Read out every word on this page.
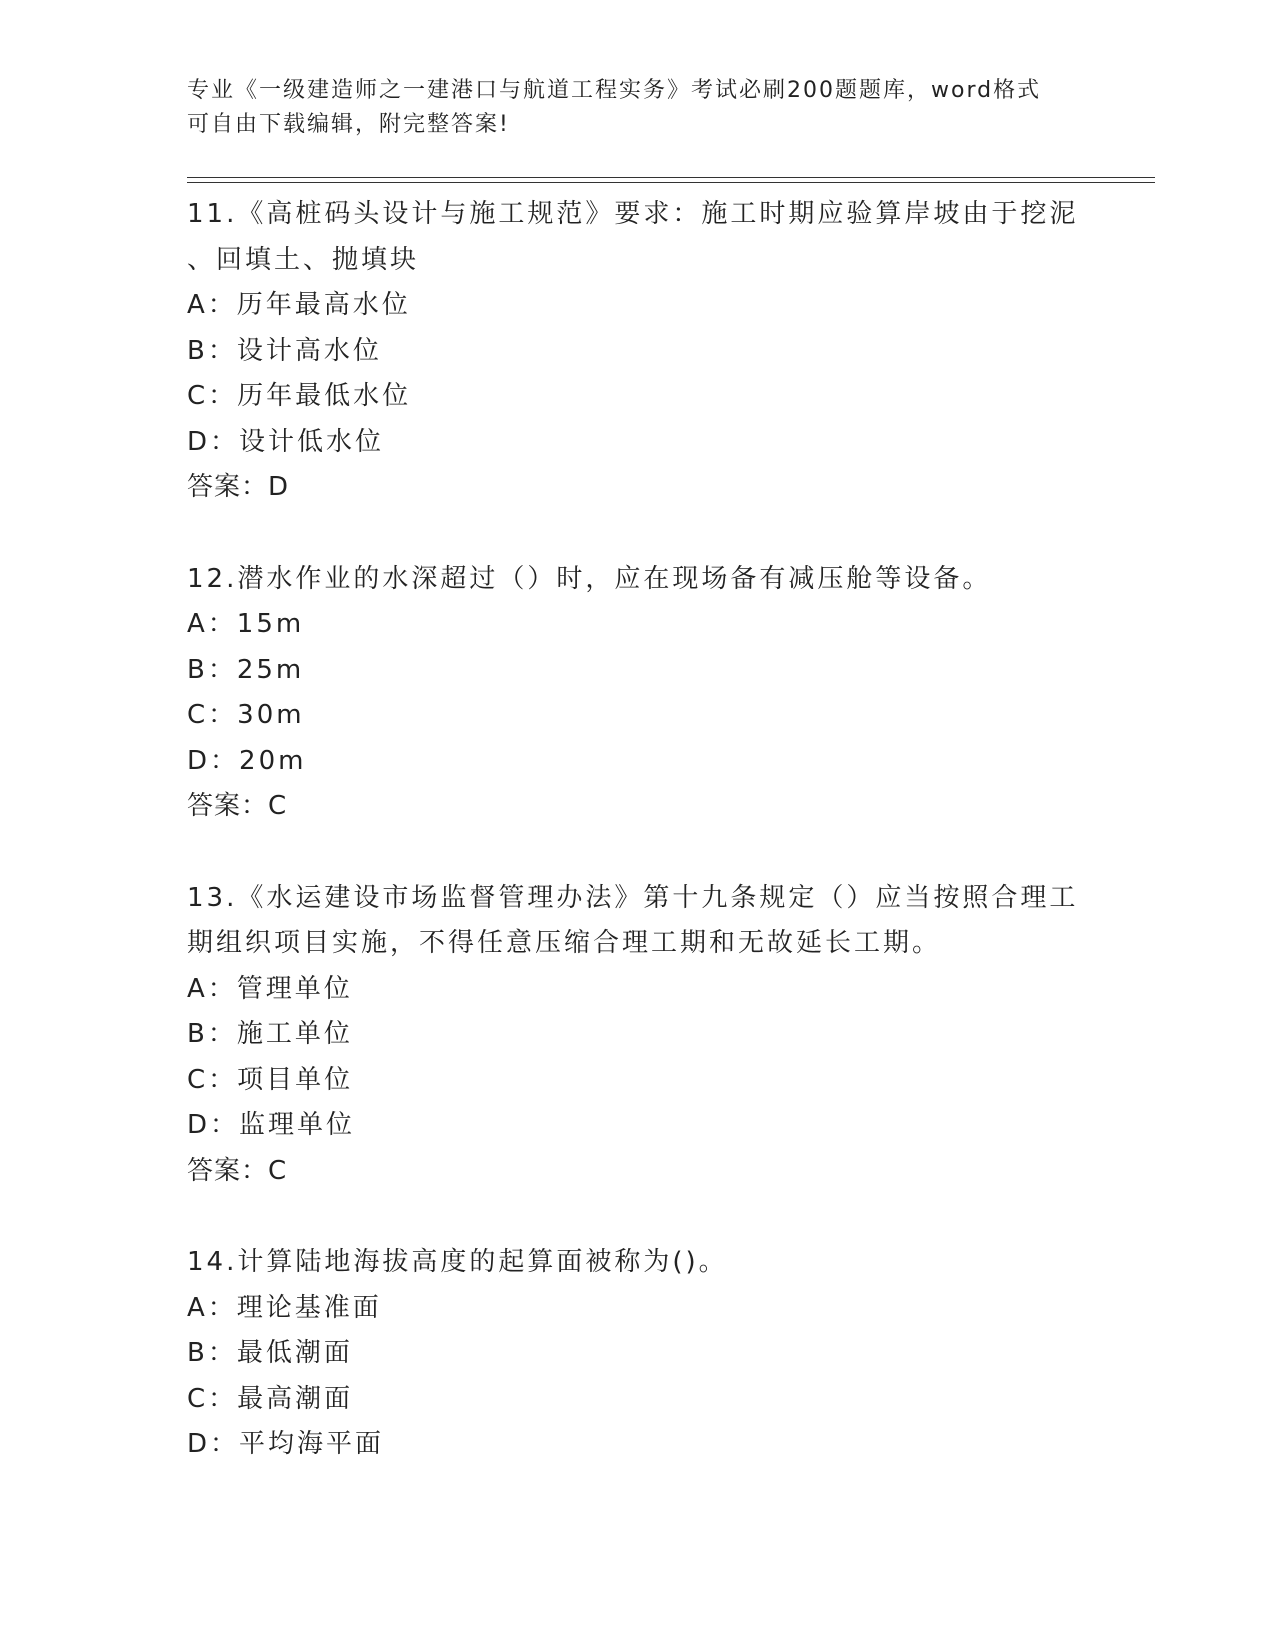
专业《一级建造师之一建港口与航道工程实务》考试必刷200题题库，word格式
可自由下载编辑，附完整答案!
11.《高桩码头设计与施工规范》要求：施工时期应验算岸坡由于挖泥
、回填土、抛填块
A：历年最高水位
B：设计高水位
C：历年最低水位
D：设计低水位
答案：D
12.潜水作业的水深超过（）时，应在现场备有减压舱等设备。
A：15m
B：25m
C：30m
D：20m
答案：C
13.《水运建设市场监督管理办法》第十九条规定（）应当按照合理工
期组织项目实施，不得任意压缩合理工期和无故延长工期。
A：管理单位
B：施工单位
C：项目单位
D：监理单位
答案：C
14.计算陆地海拔高度的起算面被称为()。
A：理论基准面
B：最低潮面
C：最高潮面
D：平均海平面
